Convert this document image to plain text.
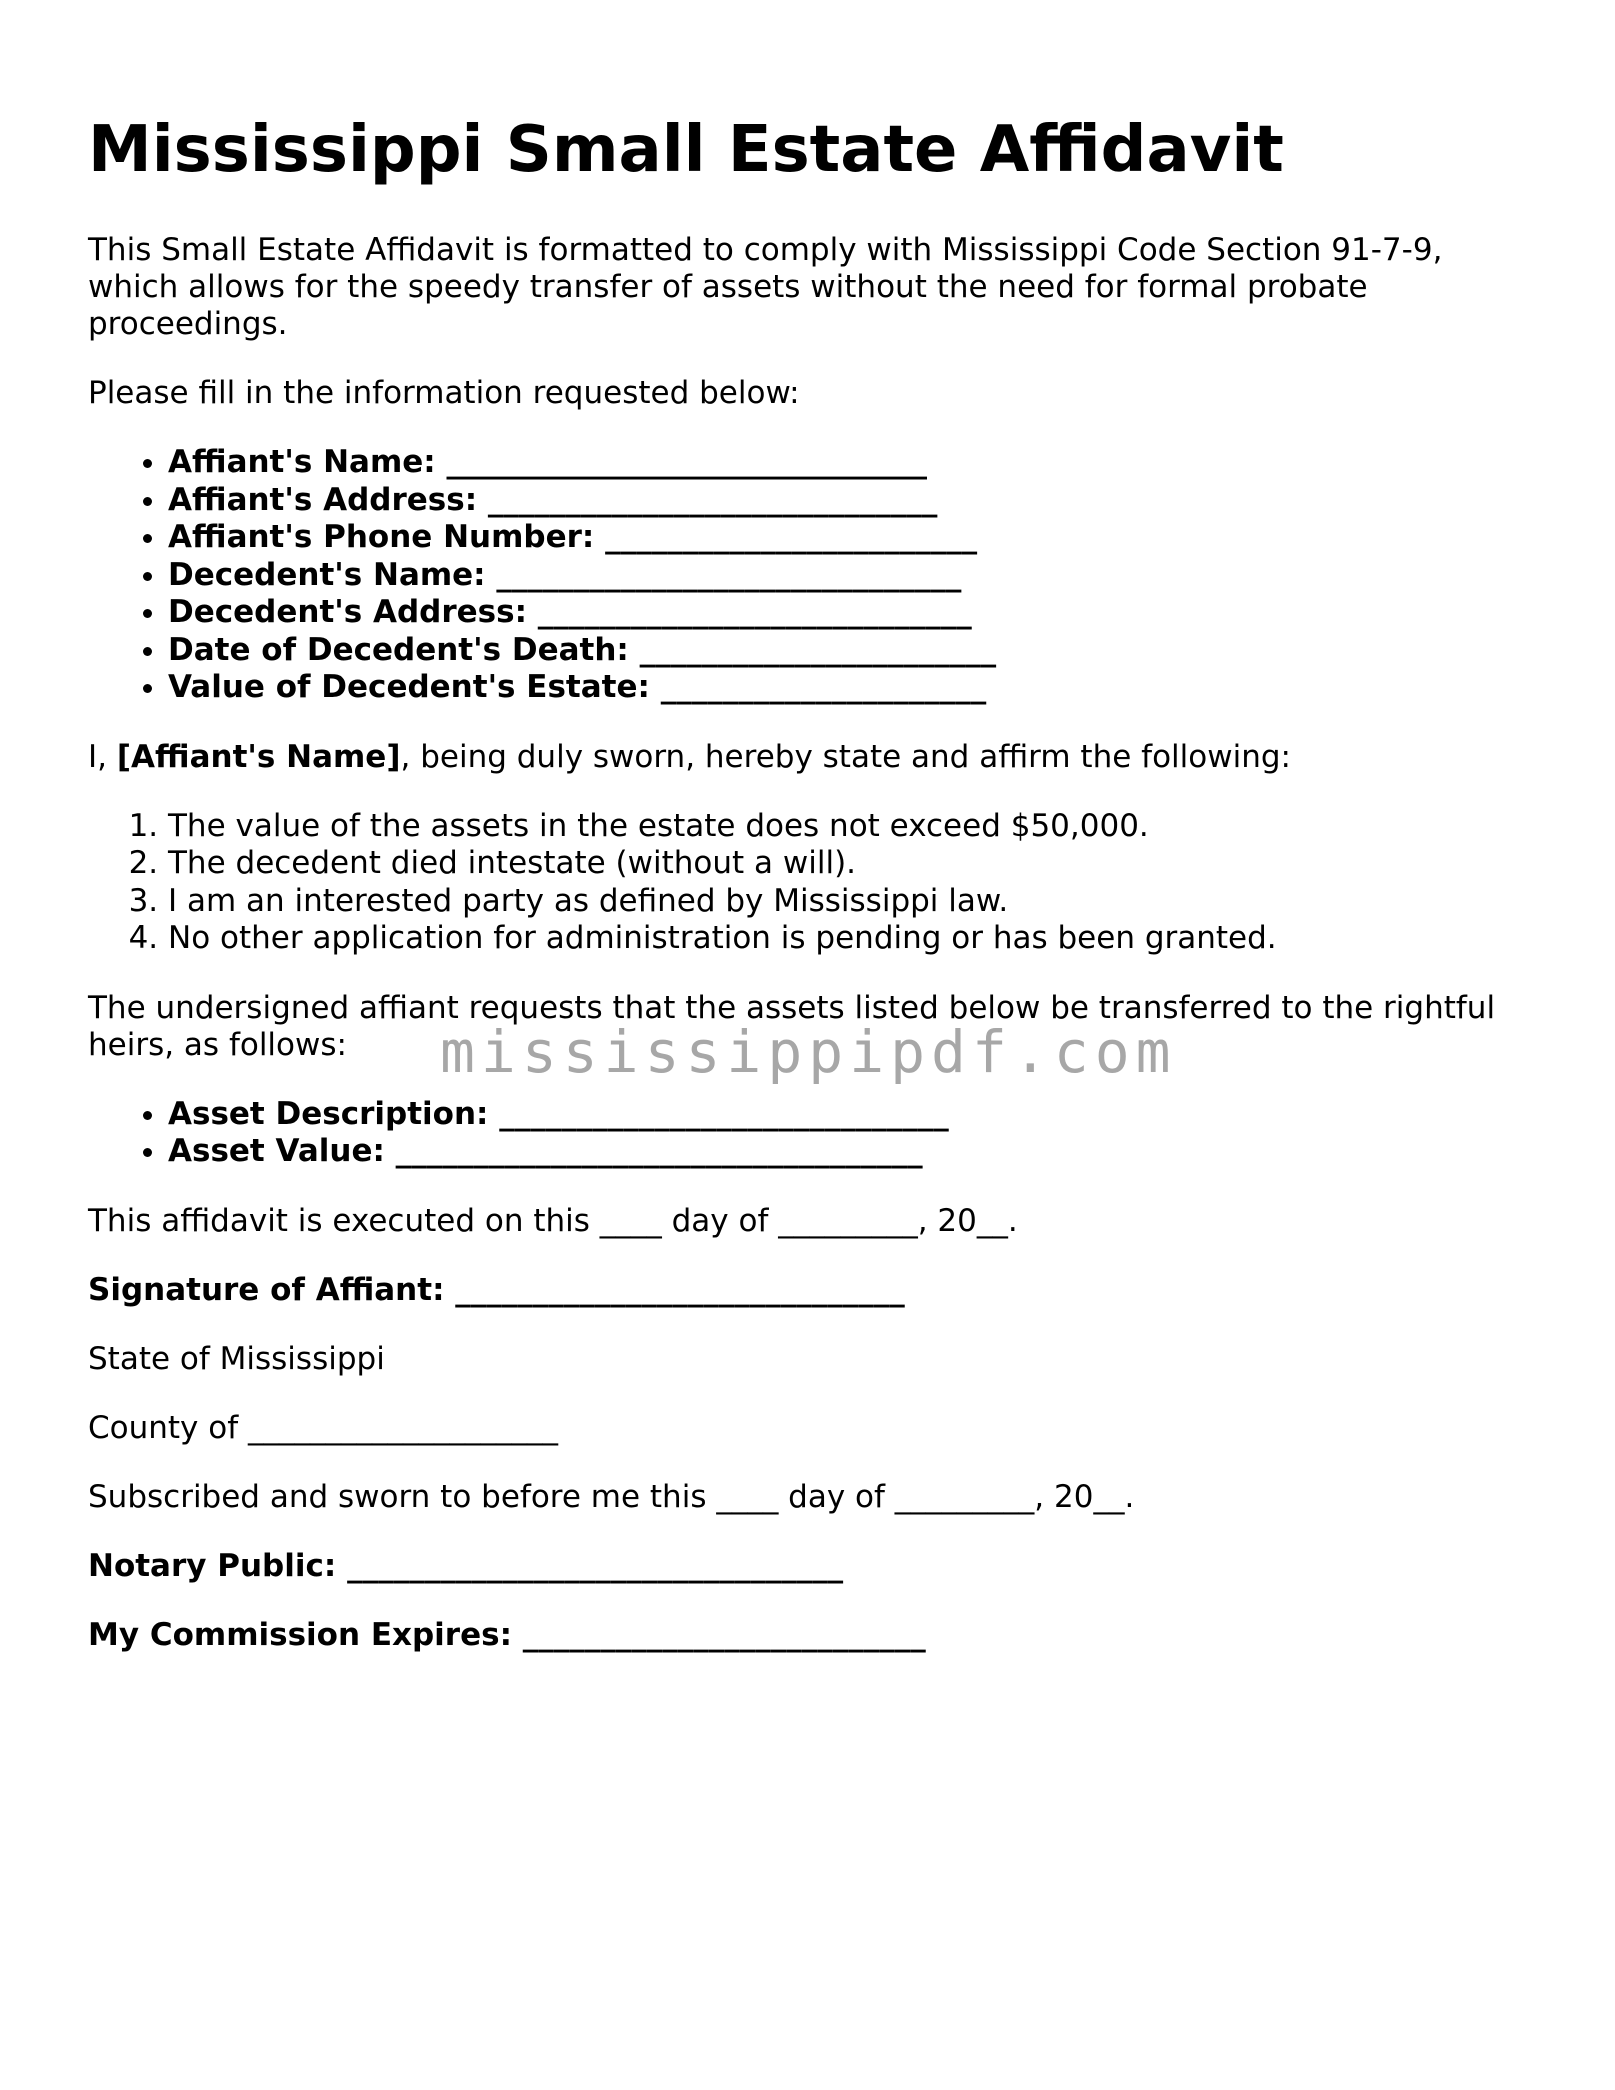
Mississippi Small Estate Affidavit

This Small Estate Affidavit is formatted to comply with Mississippi Code Section 91-7-9, which allows for the speedy transfer of assets without the need for formal probate proceedings.

Please fill in the information requested below:

• Affiant's Name: _______________________________
• Affiant's Address: _____________________________
• Affiant's Phone Number: ________________________
• Decedent's Name: ______________________________
• Decedent's Address: ____________________________
• Date of Decedent's Death: _______________________
• Value of Decedent's Estate: _____________________

I, [Affiant's Name], being duly sworn, hereby state and affirm the following:

1. The value of the assets in the estate does not exceed $50,000.
2. The decedent died intestate (without a will).
3. I am an interested party as defined by Mississippi law.
4. No other application for administration is pending or has been granted.

The undersigned affiant requests that the assets listed below be transferred to the rightful heirs, as follows:

• Asset Description: _____________________________
• Asset Value: __________________________________

This affidavit is executed on this ____ day of _________, 20__.

Signature of Affiant: _____________________________

State of Mississippi

County of ____________________

Subscribed and sworn to before me this ____ day of _________, 20__.

Notary Public: ________________________________

My Commission Expires: __________________________

mississippipdf.com
